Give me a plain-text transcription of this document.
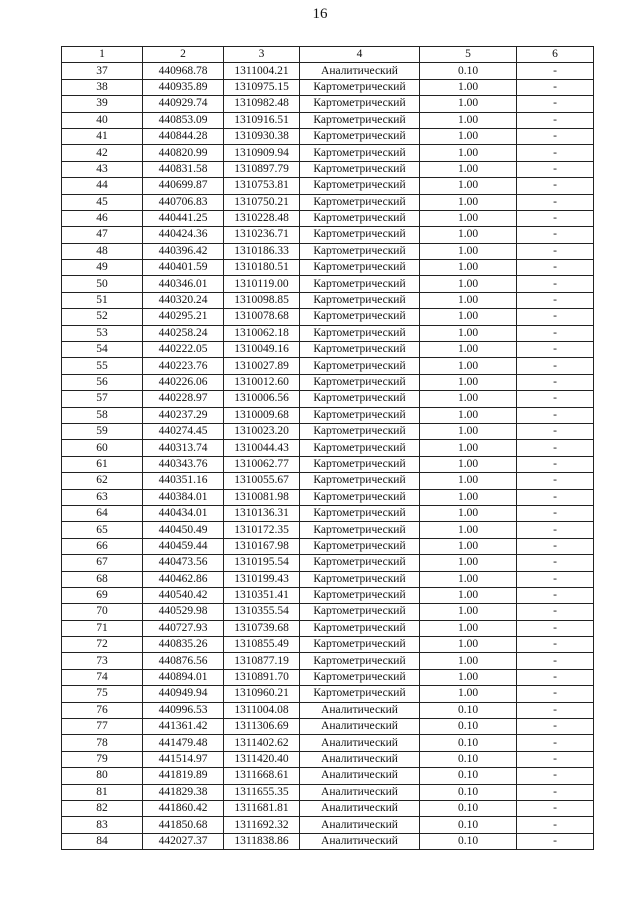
16
1	2	3	4	5	6
37	440968.78	1311004.21	Аналитический	0.10	-
38	440935.89	1310975.15	Картометрический	1.00	-
39	440929.74	1310982.48	Картометрический	1.00	-
40	440853.09	1310916.51	Картометрический	1.00	-
41	440844.28	1310930.38	Картометрический	1.00	-
42	440820.99	1310909.94	Картометрический	1.00	-
43	440831.58	1310897.79	Картометрический	1.00	-
44	440699.87	1310753.81	Картометрический	1.00	-
45	440706.83	1310750.21	Картометрический	1.00	-
46	440441.25	1310228.48	Картометрический	1.00	-
47	440424.36	1310236.71	Картометрический	1.00	-
48	440396.42	1310186.33	Картометрический	1.00	-
49	440401.59	1310180.51	Картометрический	1.00	-
50	440346.01	1310119.00	Картометрический	1.00	-
51	440320.24	1310098.85	Картометрический	1.00	-
52	440295.21	1310078.68	Картометрический	1.00	-
53	440258.24	1310062.18	Картометрический	1.00	-
54	440222.05	1310049.16	Картометрический	1.00	-
55	440223.76	1310027.89	Картометрический	1.00	-
56	440226.06	1310012.60	Картометрический	1.00	-
57	440228.97	1310006.56	Картометрический	1.00	-
58	440237.29	1310009.68	Картометрический	1.00	-
59	440274.45	1310023.20	Картометрический	1.00	-
60	440313.74	1310044.43	Картометрический	1.00	-
61	440343.76	1310062.77	Картометрический	1.00	-
62	440351.16	1310055.67	Картометрический	1.00	-
63	440384.01	1310081.98	Картометрический	1.00	-
64	440434.01	1310136.31	Картометрический	1.00	-
65	440450.49	1310172.35	Картометрический	1.00	-
66	440459.44	1310167.98	Картометрический	1.00	-
67	440473.56	1310195.54	Картометрический	1.00	-
68	440462.86	1310199.43	Картометрический	1.00	-
69	440540.42	1310351.41	Картометрический	1.00	-
70	440529.98	1310355.54	Картометрический	1.00	-
71	440727.93	1310739.68	Картометрический	1.00	-
72	440835.26	1310855.49	Картометрический	1.00	-
73	440876.56	1310877.19	Картометрический	1.00	-
74	440894.01	1310891.70	Картометрический	1.00	-
75	440949.94	1310960.21	Картометрический	1.00	-
76	440996.53	1311004.08	Аналитический	0.10	-
77	441361.42	1311306.69	Аналитический	0.10	-
78	441479.48	1311402.62	Аналитический	0.10	-
79	441514.97	1311420.40	Аналитический	0.10	-
80	441819.89	1311668.61	Аналитический	0.10	-
81	441829.38	1311655.35	Аналитический	0.10	-
82	441860.42	1311681.81	Аналитический	0.10	-
83	441850.68	1311692.32	Аналитический	0.10	-
84	442027.37	1311838.86	Аналитический	0.10	-
